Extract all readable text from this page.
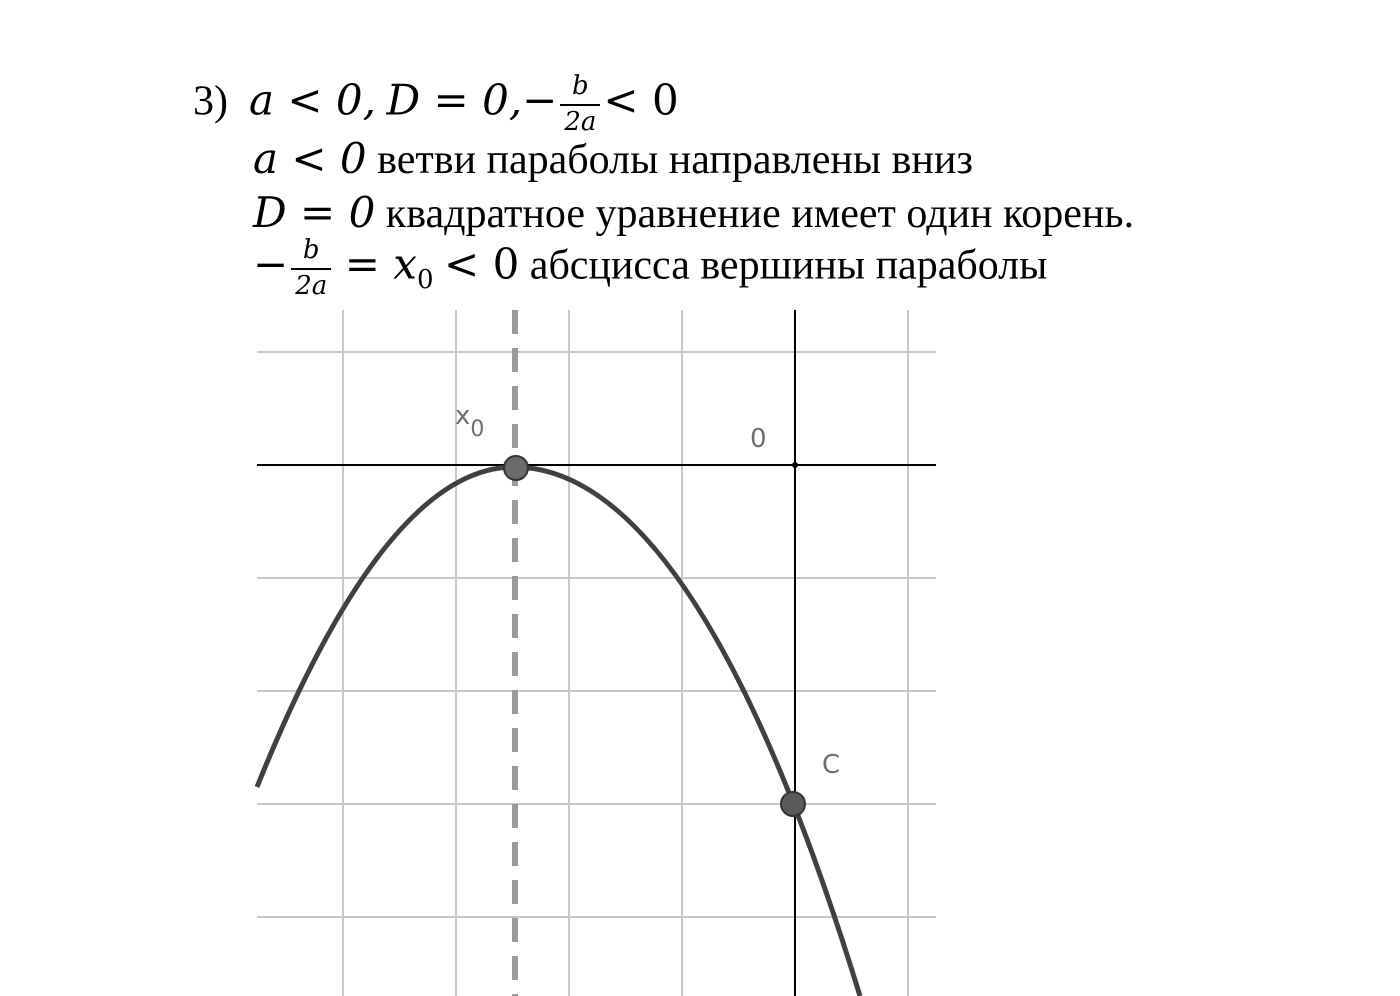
3) a < 0, $D = 0,- \frac{b}{2a} < 0$
a < 0 ветви параболы направлены вниз
D = 0 квадратное уравнение имеет один корень.
− $\frac{b}{2a} = x_0 < 0$ абсцисса вершины параболы
$x_0$	0
C
